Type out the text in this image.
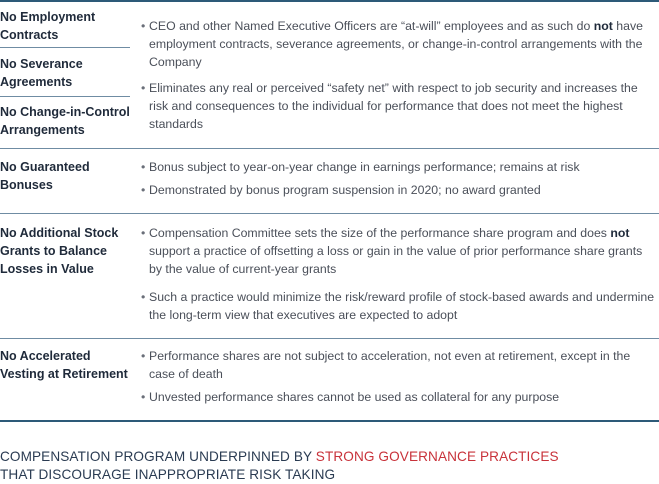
No Employment Contracts
No Severance Agreements
No Change-in-Control Arrangements
• CEO and other Named Executive Officers are “at-will” employees and as such do not have employment contracts, severance agreements, or change-in-control arrangements with the Company
• Eliminates any real or perceived “safety net” with respect to job security and increases the risk and consequences to the individual for performance that does not meet the highest standards
No Guaranteed Bonuses
• Bonus subject to year-on-year change in earnings performance; remains at risk
• Demonstrated by bonus program suspension in 2020; no award granted
No Additional Stock Grants to Balance Losses in Value
• Compensation Committee sets the size of the performance share program and does not support a practice of offsetting a loss or gain in the value of prior performance share grants by the value of current-year grants
• Such a practice would minimize the risk/reward profile of stock-based awards and undermine the long-term view that executives are expected to adopt
No Accelerated Vesting at Retirement
• Performance shares are not subject to acceleration, not even at retirement, except in the case of death
• Unvested performance shares cannot be used as collateral for any purpose
COMPENSATION PROGRAM UNDERPINNED BY STRONG GOVERNANCE PRACTICES
THAT DISCOURAGE INAPPROPRIATE RISK TAKING
